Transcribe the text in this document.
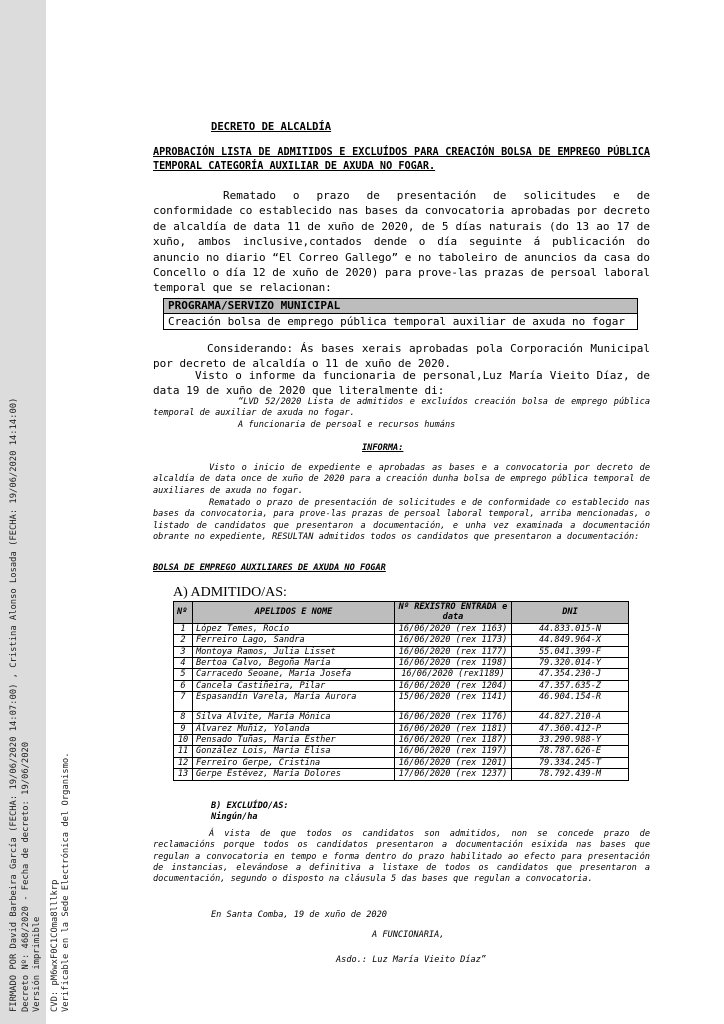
FIRMADO POR David Barbeira García (FECHA: 19/06/2020 14:07:00) , Cristina Alonso Losada (FECHA: 19/06/2020 14:14:00) Decreto Nº: 468/2020 - Fecha de decreto: 19/06/2020 Versión imprimible CVD: pM6wxF0C1COma8lllkrp Verificable en la Sede Electrónica del Organismo.
DECRETO DE ALCALDÍA
APROBACIÓN LISTA DE ADMITIDOS E EXCLUÍDOS PARA CREACIÓN BOLSA DE EMPREGO PÚBLICA TEMPORAL CATEGORÍA AUXILIAR DE AXUDA NO FOGAR.
Rematado o prazo de presentación de solicitudes e de conformidade co establecido nas bases da convocatoria aprobadas por decreto de alcaldía de data 11 de xuño de 2020, de 5 días naturais (do 13 ao 17 de xuño, ambos inclusive,contados dende o día seguinte á publicación do anuncio no diario “El Correo Gallego” e no taboleiro de anuncios da casa do Concello o día 12 de xuño de 2020) para prove-las prazas de persoal laboral temporal que se relacionan:
PROGRAMA/SERVIZO MUNICIPAL
Creación bolsa de emprego pública temporal auxiliar de axuda no fogar
Considerando: Ás bases xerais aprobadas pola Corporación Municipal por decreto de alcaldía o 11 de xuño de 2020.
Visto o informe da funcionaria de personal,Luz María Vieito Díaz, de data 19 de xuño de 2020 que literalmente di:
“LVD 52/2020 Lista de admitidos e excluídos creación bolsa de emprego pública temporal de auxiliar de axuda no fogar.
A funcionaria de persoal e recursos humáns
INFORMA:
Visto o inicio de expediente e aprobadas as bases e a convocatoria por decreto de alcaldía de data once de xuño de 2020 para a creación dunha bolsa de emprego pública temporal de auxiliares de axuda no fogar.
Rematado o prazo de presentación de solicitudes e de conformidade co establecido nas bases da convocatoria, para prove-las prazas de persoal laboral temporal, arriba mencionadas, o listado de candidatos que presentaron a documentación, e unha vez examinada a documentación obrante no expediente, RESULTAN admitidos todos os candidatos que presentaron a documentación:
BOLSA DE EMPREGO AUXILIARES DE AXUDA NO FOGAR
A) ADMITIDO/AS:
Nº	APELIDOS E NOME	Nº REXISTRO ENTRADA e data	DNI
1	López Temes, Rocío	16/06/2020 (rex 1163)	44.833.015-N
2	Ferreiro Lago, Sandra	16/06/2020 (rex 1173)	44.849.964-X
3	Montoya Ramos, Julia Lisset	16/06/2020 (rex 1177)	55.041.399-F
4	Bertoa Calvo, Begoña María	16/06/2020 (rex 1198)	79.320.014-Y
5	Carracedo Seoane, María Josefa	16/06/2020 (rex1189)	47.354.230-J
6	Cancela Castiñeira, Pilar	16/06/2020 (rex 1204)	47.357.635-Z
7	Espasandín Varela, María Aurora	15/06/2020 (rex 1141)	46.904.154-R
8	Silva Alvite, María Mónica	16/06/2020 (rex 1176)	44.827.210-A
9	Álvarez Muñiz, Yolanda	16/06/2020 (rex 1181)	47.360.412-P
10	Pensado Tuñas, María Esther	16/06/2020 (rex 1187)	33.290.988-Y
11	González Lois, María Elisa	16/06/2020 (rex 1197)	78.787.626-E
12	Ferreiro Gerpe, Cristina	16/06/2020 (rex 1201)	79.334.245-T
13	Gerpe Estévez, María Dolores	17/06/2020 (rex 1237)	78.792.439-M
B) EXCLUÍDO/AS:
Ningún/ha
Á vista de que todos os candidatos son admitidos, non se concede prazo de reclamacións porque todos os candidatos presentaron a documentación esixida nas bases que regulan a convocatoria en tempo e forma dentro do prazo habilitado ao efecto para presentación de instancias, elevándose a definitiva a listaxe de todos os candidatos que presentaron a documentación, segundo o disposto na cláusula 5 das bases que regulan a convocatoria.
En Santa Comba, 19 de xuño de 2020
A FUNCIONARIA,
Asdo.: Luz María Vieito Díaz”
